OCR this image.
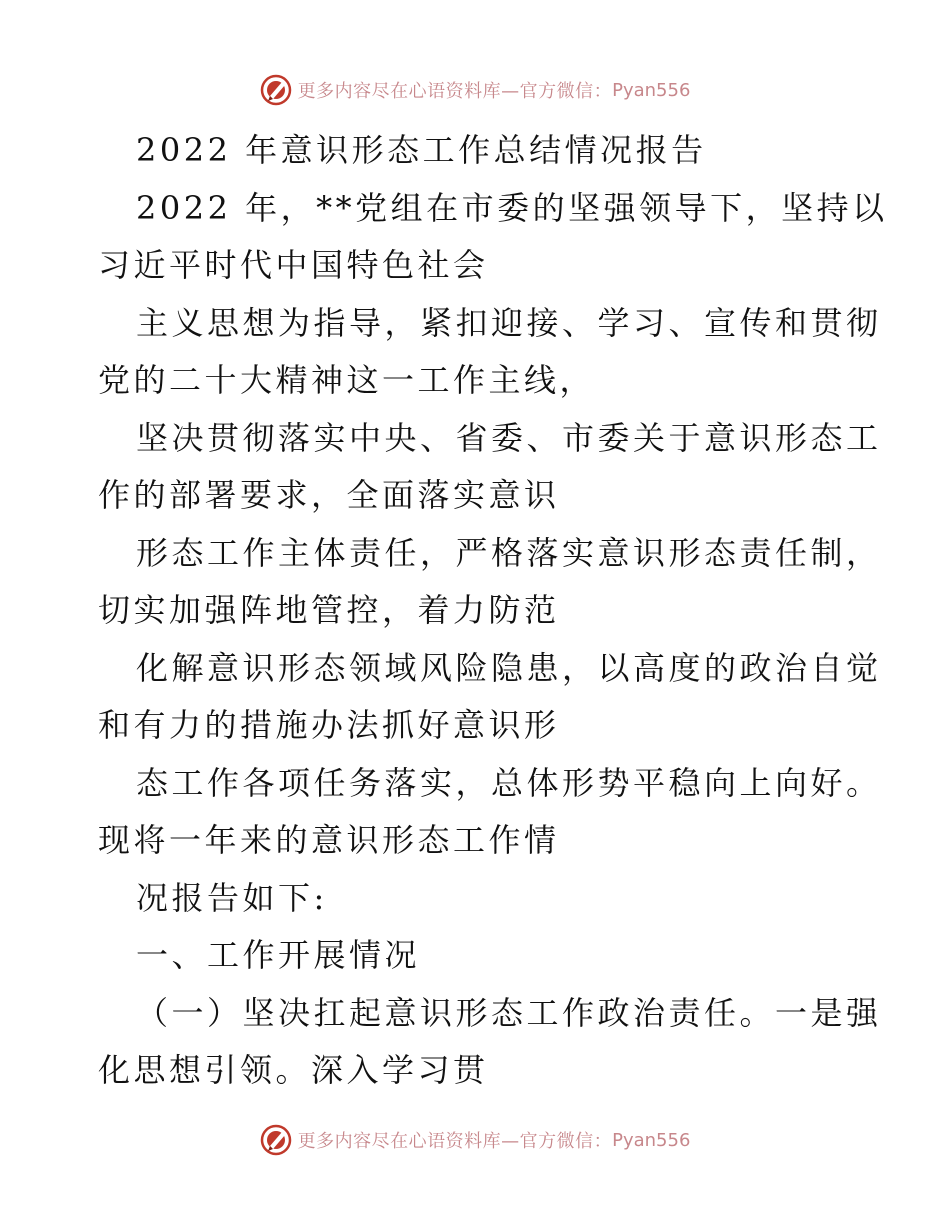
更多内容尽在心语资料库—官方微信： Pyan556
2022 年意识形态工作总结情况报告
2022 年，**党组在市委的坚强领导下，坚持以
习近平时代中国特色社会
主义思想为指导，紧扣迎接、学习、宣传和贯彻
党的二十大精神这一工作主线，
坚决贯彻落实中央、省委、市委关于意识形态工
作的部署要求，全面落实意识
形态工作主体责任，严格落实意识形态责任制，
切实加强阵地管控，着力防范
化解意识形态领域风险隐患，以高度的政治自觉
和有力的措施办法抓好意识形
态工作各项任务落实，总体形势平稳向上向好。
现将一年来的意识形态工作情
况报告如下:
一、工作开展情况
（一）坚决扛起意识形态工作政治责任。一是强
化思想引领。深入学习贯
更多内容尽在心语资料库—官方微信： Pyan556
